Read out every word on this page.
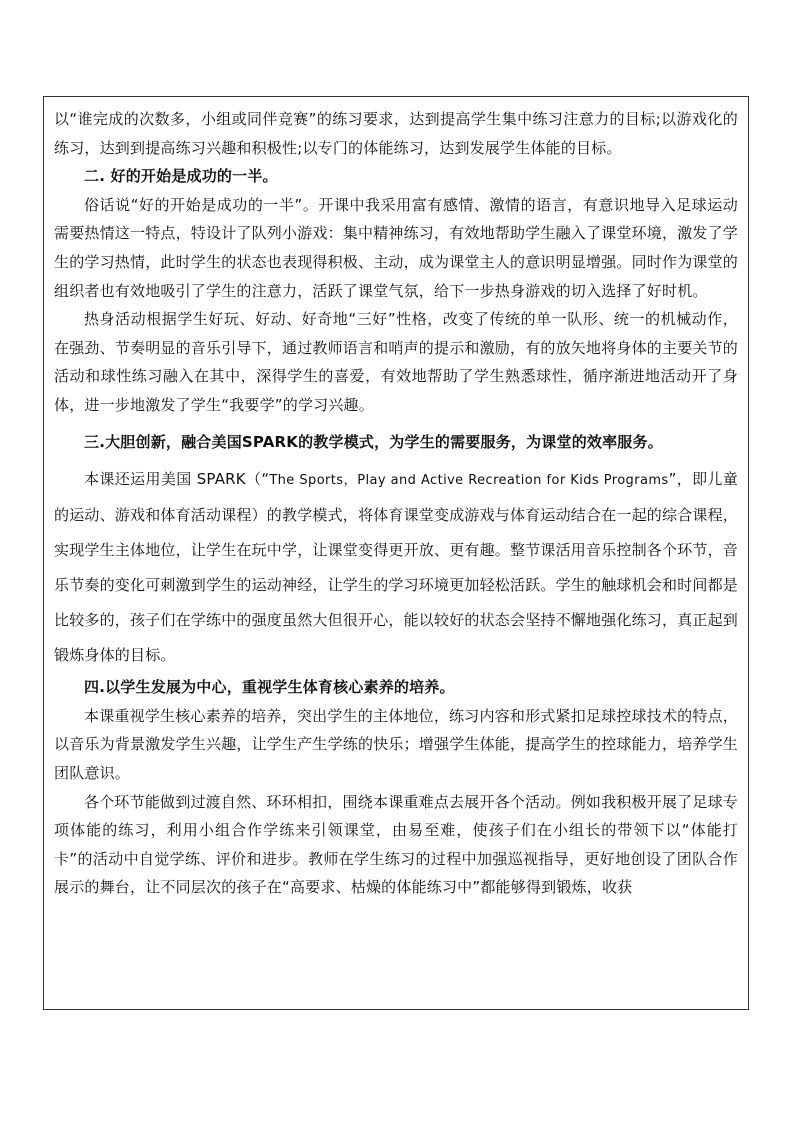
以“谁完成的次数多，小组或同伴竞赛”的练习要求，达到提高学生集中练习注意力的目标;以游戏化的练习，达到到提高练习兴趣和积极性;以专门的体能练习，达到发展学生体能的目标。

二. 好的开始是成功的一半。

俗话说“好的开始是成功的一半”。开课中我采用富有感情、激情的语言，有意识地导入足球运动需要热情这一特点，特设计了队列小游戏：集中精神练习，有效地帮助学生融入了课堂环境，激发了学生的学习热情，此时学生的状态也表现得积极、主动，成为课堂主人的意识明显增强。同时作为课堂的组织者也有效地吸引了学生的注意力，活跃了课堂气氛，给下一步热身游戏的切入选择了好时机。

热身活动根据学生好玩、好动、好奇地“三好”性格，改变了传统的单一队形、统一的机械动作，在强劲、节奏明显的音乐引导下，通过教师语言和哨声的提示和激励，有的放矢地将身体的主要关节的活动和球性练习融入在其中，深得学生的喜爱，有效地帮助了学生熟悉球性，循序渐进地活动开了身体，进一步地激发了学生“我要学”的学习兴趣。

三.大胆创新，融合美国SPARK的教学模式，为学生的需要服务，为课堂的效率服务。

本课还运用美国 SPARK（“The Sports，Play and Active Recreation for Kids Programs”，即儿童的运动、游戏和体育活动课程）的教学模式，将体育课堂变成游戏与体育运动结合在一起的综合课程，实现学生主体地位，让学生在玩中学，让课堂变得更开放、更有趣。整节课活用音乐控制各个环节，音乐节奏的变化可刺激到学生的运动神经，让学生的学习环境更加轻松活跃。学生的触球机会和时间都是比较多的，孩子们在学练中的强度虽然大但很开心，能以较好的状态会坚持不懈地强化练习，真正起到锻炼身体的目标。

四.以学生发展为中心，重视学生体育核心素养的培养。

本课重视学生核心素养的培养，突出学生的主体地位，练习内容和形式紧扣足球控球技术的特点，以音乐为背景激发学生兴趣，让学生产生学练的快乐；增强学生体能，提高学生的控球能力，培养学生团队意识。

各个环节能做到过渡自然、环环相扣，围绕本课重难点去展开各个活动。例如我积极开展了足球专项体能的练习，利用小组合作学练来引领课堂，由易至难，使孩子们在小组长的带领下以“体能打卡”的活动中自觉学练、评价和进步。教师在学生练习的过程中加强巡视指导，更好地创设了团队合作展示的舞台，让不同层次的孩子在“高要求、枯燥的体能练习中”都能够得到锻炼，收获
